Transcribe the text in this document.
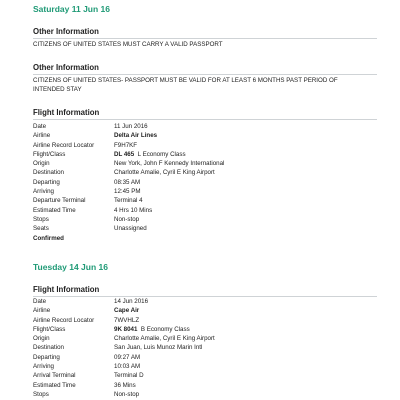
Saturday 11 Jun 16
Other Information
CITIZENS OF UNITED STATES MUST CARRY A VALID PASSPORT
Other Information
CITIZENS OF UNITED STATES- PASSPORT MUST BE VALID FOR AT LEAST 6 MONTHS PAST PERIOD OF INTENDED STAY
Flight Information
Date	11 Jun 2016
Airline	Delta Air Lines
Airline Record Locator	F9H7KF
Flight/Class	DL 465 L Economy Class
Origin	New York, John F Kennedy International
Destination	Charlotte Amalie, Cyril E King Airport
Departing	08:35 AM
Arriving	12:45 PM
Departure Terminal	Terminal 4
Estimated Time	4 Hrs 10 Mins
Stops	Non-stop
Seats	Unassigned
Confirmed
Tuesday 14 Jun 16
Flight Information
Date	14 Jun 2016
Airline	Cape Air
Airline Record Locator	7WVHLZ
Flight/Class	9K 8041 B Economy Class
Origin	Charlotte Amalie, Cyril E King Airport
Destination	San Juan, Luis Munoz Marin Intl
Departing	09:27 AM
Arriving	10:03 AM
Arrival Terminal	Terminal D
Estimated Time	36 Mins
Stops	Non-stop
